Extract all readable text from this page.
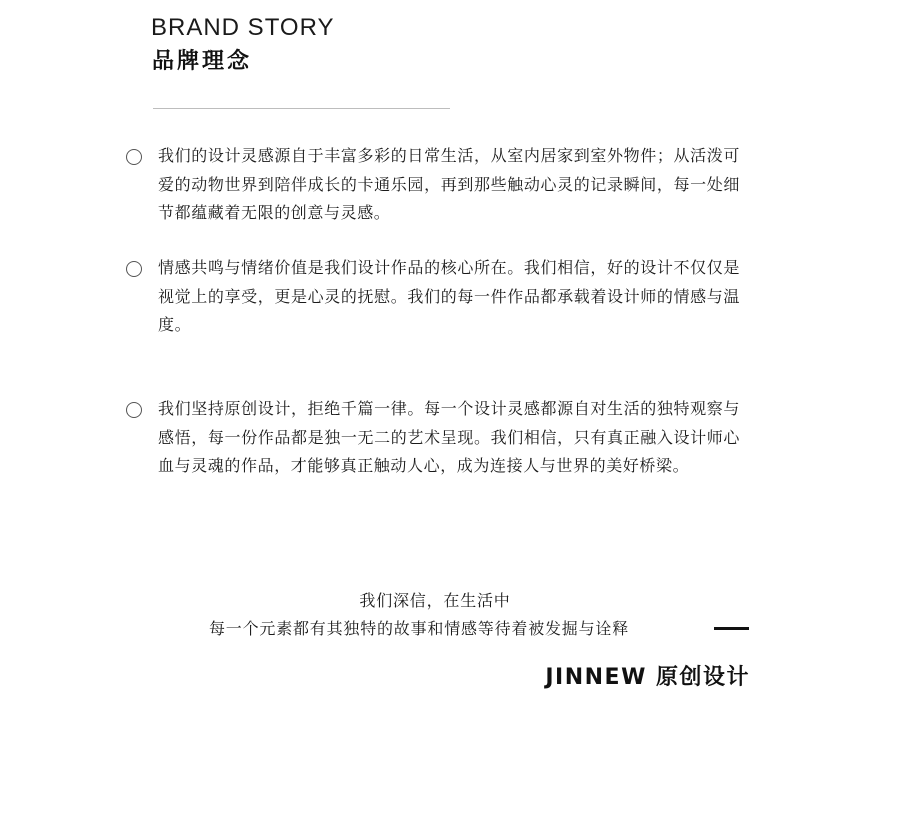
BRAND STORY
品牌理念

我们的设计灵感源自于丰富多彩的日常生活，从室内居家到室外物件；从活泼可爱的动物世界到陪伴成长的卡通乐园，再到那些触动心灵的记录瞬间，每一处细节都蕴藏着无限的创意与灵感。

情感共鸣与情绪价值是我们设计作品的核心所在。我们相信，好的设计不仅仅是视觉上的享受，更是心灵的抚慰。我们的每一件作品都承载着设计师的情感与温度。

我们坚持原创设计，拒绝千篇一律。每一个设计灵感都源自对生活的独特观察与感悟，每一份作品都是独一无二的艺术呈现。我们相信，只有真正融入设计师心血与灵魂的作品，才能够真正触动人心，成为连接人与世界的美好桥梁。

我们深信，在生活中
每一个元素都有其独特的故事和情感等待着被发掘与诠释
JINNEW 原创设计
